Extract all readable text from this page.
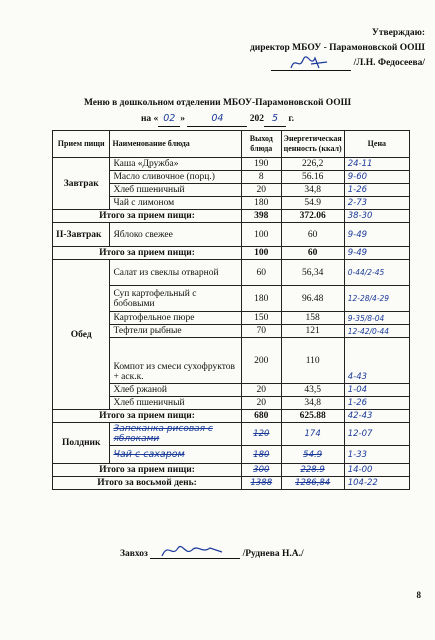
Утверждаю:
директор МБОУ - Парамоновской ООШ
/Л.Н. Федосеева/
Меню в дошкольном отделении МБОУ-Парамоновской ООШ
на « 02 »	04	202 5 г.
Прием пищи	Наименование блюда	Выход блюда	Энергетическая ценность (ккал)	Цена
Завтрак	Каша «Дружба»	190	226,2	24-11
	Масло сливочное (порц.)	8	56.16	9-60
	Хлеб пшеничный	20	34,8	1-26
	Чай с лимоном	180	54.9	2-73
Итого за прием пищи:		398	372.06	38-30
II-Завтрак	Яблоко свежее	100	60	9-49
Итого за прием пищи:		100	60	9-49
Обед	Салат из свеклы отварной	60	56,34	0-44/2-45
	Суп картофельный с бобовыми	180	96.48	12-28/4-29
	Картофельное пюре	150	158	9-35/8-04
	Тефтели рыбные	70	121	12-42/0-44
	Компот из смеси сухофруктов + аск.к.	200	110	4-43
	Хлеб ржаной	20	43,5	1-04
	Хлеб пшеничный	20	34,8	1-26
Итого за прием пищи:		680	625.88	42-43
Полдник	Запеканка рисовая с яблоками	120	174	12-07
	Чай с сахаром	180	54.9	1-33
Итого за прием пищи:		300	228.9	14-00
Итого за восьмой день:		1388	1286,84	104-22
Завхоз	/Руднева Н.А./
8
